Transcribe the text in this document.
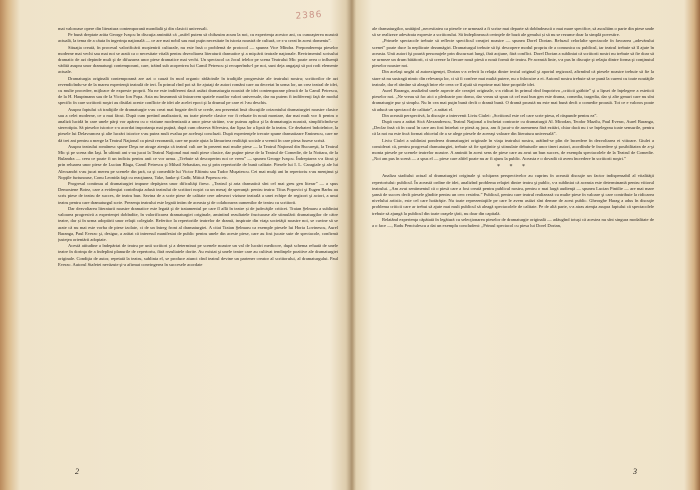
2386

mai valoroase opere din literatura contemporană mondială şi din clasicii universali.

Pe bună dreptate arăta George Ivaşcu în discuţia amintită că „astfel putem să chibzuim acum la noi, cu experienţa acestor ani, cu cunoaşterea noastră actuală, la tema de a căuta în ingerinţa naţională — ce are mai nobil sau mai puţin necesitate în istoria noastră de cultură, ce s-a creat în acest domeniu”.

Situaţia creată, în procesul valorificării moştenirii culturale, nu este însă o problemă de protocol — spunea Vice Mîndra. Preponderenţa pieselor moderne mai vechi sau mai noi se arată ca o necesitate vitală pentru dezvoltarea literaturii dramatice şi a mişcării teatrale naţionale. Revirimentul scrisului dramatic de azi depinde mult şi de difuzarea unor piese dramatice mai vechi. Un spectacol ca Jocul ielelor pe scena Teatrului Mic poate avea o influenţă vădită asupra unor dramaturgi contemporani, care, trăind sub acoperirea lui Camil Petrescu şi recuperîndu-l pe noi, sunt deja angajaţi să pot rodi elemente actuale.

Dramaturgia originală contemporană are azi o cauză în mod organic rădăcinile în tradiţiile progresiste ale teatrului nostru; scriitorilor de azi revendicîndu-se de la marea experienţă teatrală de ieri. În primul rînd pot să fie ajutaţi de autori români care au decretat în urma lor, un crez teatral de idei, cu multe procedee, mijloace de expresie proprii. Nu ne este indiferent dacă astăzi dramaturgia noastră de idei contemporane pleacă de la Camil Petrescu, de la H. Hauptmann sau de la Victor Ion Popa. Asta nu înseamnă să întoarcem spatele marilor valori universale, dar nu putem fi indiferenţi faţă de modul specific în care scriitorii noştri au distilat aceste conflicte de idei ale acelei epoci şi la drumul pe care ei l-au deschis.

Asupra faptului că tradiţiile de dramaturgie s-au creat mai bogate decît se crede, am prezentat însă discuţiile orizontului dramaturgiei noastre clasice sau a celei moderne, ce a mai făcut. După cum pretind analizatorii, nu toate piesele clasice vor fi reluate în nouă montare, dar mai mult vor fi pentru o analiză lucidă în care unele părţi vor apărea cu o viziune modernizată a unor piese străine, s-ar puteau aplica şi la dramaturgia noastră, simplificîndu-se stereotipia. Să pieselor istorice s-a acordat importanţa mai puţină, după cum observa Silvestru, dar lipsa lor a lipsit de la teatru. Ce dezbateri îndoielnice, la piesele lui Delavrancea şi alte lucrări istorice s-au putea mult evalua pe aceleaşi concluzii. După experienţele trecute spune dramatizare Eminescu, care ne dă trei ani pentru a merge la Teatrul Naţional ca piesă rezonantă, care ne poate ajuta la lămurirea realităţii sociale a vremii în care piesa fusese scrisă.

Asupra teatrului românesc spune Deşu ne atrage atenţia că teatrul cult are în prezent mai multe piese — la Teatrul Naţional din Bucureşti, la Teatrul Mic şi pe scena din Iaşi. În ultimii ani s-au jucat la Teatrul Naţional mai mult piese clasice, dar puţine piese de la Teatrul de Comedie, de la Nottara, de la Bulandra — ceea ce poate fi un indiciu pentru anii ce vor urma. „Trebuie să descoperim noi ce vrem” — spunea George Ivaşcu. Îndreptarea s-a făcut şi prin reluarea unor piese de Lucian Blaga, Camil Petrescu şi Mihail Sebastian, nu şi prin repertoriile de bună calitate. Piesele lui I. L. Caragiale şi ale lui Alecsandri s-au jucat mereu pe scenele din ţară, ca şi comediile lui Victor Eftimiu sau Tudor Muşatescu. Cei mai mulţi ani în repertoriu s-au menţinut şi Nopţile furtunoase, Conu Leonida faţă cu reacţiunea, Take, Ianke şi Cadîr, Mitică Popescu etc.

Progresul continuu al dramaturgiei impune depăşirea unor dificultăţi firesc. „Teatrul şi arta dramatică sînt cel mai greu gen literar” — a spus Demostene Botez, care a evidenţiat contribuţia adusă teatrului de scriitori noştri ca un mesaj de speranţă: pentru teatru: Titus Popovici şi Eugen Barbu au scris piese de teatru de succes, de teatru bun. Savina de a scrie piese de calitate cere adeseori viziune teatrală a unei echipe de regizori şi actori, a unui teatru pentru care dramaturgul scrie. Prezenţa teatrului este legată intim de aceasta şi de colaborarea oamenilor de teatru cu scriitorii.

Dar dezvoltarea literaturii noastre dramatice este legată şi de tratamentul pe care îl află în teatre și de judecăţile criticei. Traian Şelmaru a subliniat valoarea progresivă a experienţei dobîndite, în valorificarea dramaturgiei originale, amintind rezultatele fructuoase ale stimulării dramaturgilor de către teatre, dar și în urma adoptării unor relaţii colegiale. Referitor la repertoriile teatrelor de dramă, inspirate din viaţa societăţii noastre noi, se cuvine să se arate că nu mai este vorba de piese izolate, ci de un întreg front al dramaturgiei. A citat Traian Şelmaru ca exemple piesele lui Horia Lovinescu, Aurel Baranga, Paul Everac şi, desigur, a arătat că interesul manifestat de public pentru unele din aceste piese, care au fost jucate sute de spectacole, confirmă justeţea orientării adoptate.

Acestă atitudine a îndepărtat de teatru pe unii scriitori şi a determinat pe scenele noastre un val de lucrări mediocre, după schema reluată de unele teatre în dorinţa de a îndeplini planurile de repertoriu, fără rezultatele dorite. Au existat şi unele teatre care au cultivat tendinţele pozitive ale dramaturgiei originale. Condiţia de autor, repetată la teatru, sublinia el, se produce atunci cînd teatrul devine un partener creator al scriitorului, al dramaturgului. Paul Everac. Autorul Stafetei nevăzute şi-a afirmat convingerea în succesele acordate

ale dramaturgilor, unităţinl „necesitatea ca piesele ce urmează a fi scrise mai departe să dobîndească o mai mare specifice, să ascultăm o parte din piese unde să se realizeze adevărata expresie a scriitorului. Să îndeplinească cerinţele de bază ale genului și să nu se rezume doar la simplă povestire.

„Primele spectacole trebuie să reflecte specificul creaţiei noastre — spunea Dorel Dorian. Refuzul celorlalte spectacole în favoarea „adevărului scenei” poate duce la neplăcute dezamăgiri. Dramaturgul trebuie să îşi descopere modul propriu de a comunica cu publicul, iar teatrul trebuie să îl ajute în aceasta. Unii autori îşi poartă personajele prin discursuri lungi, fără acţiune, fără conflict. Dorel Dorian a subliniat că scriitorii nostri nu trebuie să fie doar să se urmeze un drum bătătorit, ci să creeze la fiecare nouă piesă o nouă formă de teatru. Pe această linie, s-a pus în discuţie şi relaţia dintre forma şi conţinutul pieselor noastre noi.

Din acelaşi unghi al autoexigenţei, Dorian s-a referit la relaţia dintre textul original şi aportul regizoral, afirmînd că piesele noastre trebuie să fie la stare să nu sustragă nimic din relevanţa lor, ci să îi confere mai multă putere, nu o înlocuire a ei. Autorul nostru trebuie să se pună la curent cu toate noutăţile teatrale, dar el rămîne să aleagă între ele ceea ce îl ajută să exprime mai bine propriile idei.

Aurel Baranga, analizînd unele aspecte ale creaţiei originale, s-a ridicat în primul rînd împotriva „criticii grăbite” şi a lipsei de înţelegere a esteticii pieselor noi. „Ne vreau să fac aici o pledoarie pro domo, dar vreau să spun că cel mai bun gen este drama, comedia, tragedia, dar și alte genuri care nu sînt dramaturgie pur și simplu. Nu în cea mai puţin bună decît o dramă bună. O dramă proastă nu este mai bună decît o comedie proastă. Tot ce e valoros poate să aducă un spectacol de calitate”, a arătat el.

Din această perspectivă, la discuţie a intervenit Liviu Ciulei: „Scriitorul este cel care scrie piesa, el răspunde pentru ea”.

După cum a arătat Sică Alexandrescu, Teatrul Naţional a încheiat contracte cu dramaturgii Al. Mirodan, Teodor Mazilu, Paul Everac, Aurel Baranga, „Declar însă că în cazul în care am fost întrebat ce piesă aş juca, am fi jucat-o de asemenea fără ezitări, chiar dacă nu i se înţelegeau toate sensurile, pentru că la noi nu este încă format obiceiul de a se alege piesele de aceeaşi valoare din literatura universală”.

Liviu Ciulei a subliniat ponderea dramaturgiei originale în viaţa teatrului nostru, arătînd-se plin de încredere în dezvoltarea ei viitoare. Giulei a considerat că, pentru progresul dramaturgiei, trebuie să fie sprijinite şi stimulate debuturile unor tineri autori, acordîndu-le încredere şi posibilitatea de a-şi monta piesele pe scenele teatrelor noastre. A amintit în acest sens de piese care au avut un bun succes, de exemplu spectacolele de la Teatrul de Comedie. „Noi am pus în scenă — a spus el — piese care altfel poate nu ar fi ajuns la public. Aceasta e o dovadă că avem încredere în scriitorii noştri.”

* * *

Analiza stadiului actual al dramaturgiei originale şi schiţarea perspectivelor au cuprins în această discuţie un factor indispensabil al vitalităţii repertoriului: publicul. În această ordine de idei, analizînd problema relaţiei dintre teatru şi public, s-a subliniat că aceasta este determinantă pentru viitorul teatrului. „Am avut sentimentul că o piesă care a fost creată pentru publicul nostru, pentru o mai largă audienţă — spunea Lucian Pintilie — are mai mare şansă de succes decît piesele gîndite pentru un cerc restrîns.” Publicul, pentru care teatrul realizează cu multe piese în valoare şi care contribuie la ridicarea nivelului artistic, este cel care hotărăşte. Nu toate reprezentaţiile pe care le avem astăzi sînt demne de acest public. Gheorghe Harag a adus în discuţie problema criticii care ar trebui să ajute mai mult publicul să aleagă spectacolele de calitate. Pe de altă parte, s-a atras atenţia asupra faptului că spectacolele trebuie să ajungă la publicul din toate oraşele ţării, nu doar din capitală.

Relatând experienţa căpătată în legătură cu selecţionarea pieselor de dramaturgie originală — adăugînd totuşi că acestea nu sînt singura modalitate de a o face —, Radu Penciulescu a dat un exemplu concludent: „Primul spectacol cu piesa lui Dorel Dorian,

2	3
